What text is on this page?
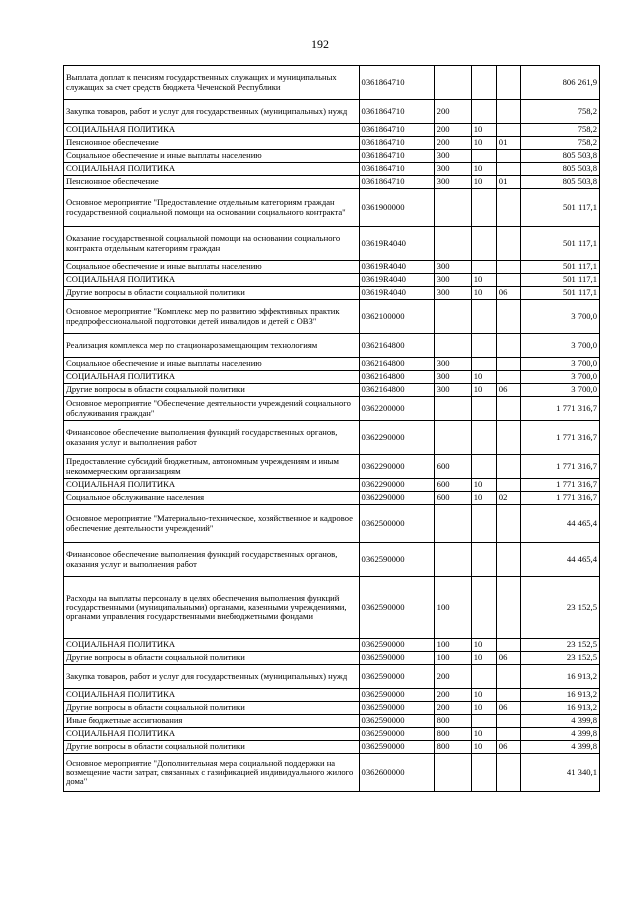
192
Выплата доплат к пенсиям государственных служащих и муниципальных служащих за счет средств бюджета Чеченской Республики	0361864710				806 261,9
Закупка товаров, работ и услуг для государственных (муниципальных) нужд	0361864710	200			758,2
СОЦИАЛЬНАЯ ПОЛИТИКА	0361864710	200	10		758,2
Пенсионное обеспечение	0361864710	200	10	01	758,2
Социальное обеспечение и иные выплаты населению	0361864710	300			805 503,8
СОЦИАЛЬНАЯ ПОЛИТИКА	0361864710	300	10		805 503,8
Пенсионное обеспечение	0361864710	300	10	01	805 503,8
Основное мероприятие "Предоставление отдельным категориям граждан государственной социальной помощи на основании социального контракта"	0361900000				501 117,1
Оказание государственной социальной помощи на основании социального контракта отдельным категориям граждан	03619R4040				501 117,1
Социальное обеспечение и иные выплаты населению	03619R4040	300			501 117,1
СОЦИАЛЬНАЯ ПОЛИТИКА	03619R4040	300	10		501 117,1
Другие вопросы в области социальной политики	03619R4040	300	10	06	501 117,1
Основное мероприятие "Комплекс мер по развитию эффективных практик предпрофессиональной подготовки детей инвалидов и детей с ОВЗ"	0362100000				3 700,0
Реализация комплекса мер по стационарозамещающим технологиям	0362164800				3 700,0
Социальное обеспечение и иные выплаты населению	0362164800	300			3 700,0
СОЦИАЛЬНАЯ ПОЛИТИКА	0362164800	300	10		3 700,0
Другие вопросы в области социальной политики	0362164800	300	10	06	3 700,0
Основное мероприятие "Обеспечение деятельности учреждений социального обслуживания граждан"	0362200000				1 771 316,7
Финансовое обеспечение выполнения функций государственных органов, оказания услуг и выполнения работ	0362290000				1 771 316,7
Предоставление субсидий бюджетным, автономным учреждениям и иным некоммерческим организациям	0362290000	600			1 771 316,7
СОЦИАЛЬНАЯ ПОЛИТИКА	0362290000	600	10		1 771 316,7
Социальное обслуживание населения	0362290000	600	10	02	1 771 316,7
Основное мероприятие "Материально-техническое, хозяйственное и кадровое обеспечение деятельности учреждений"	0362500000				44 465,4
Финансовое обеспечение выполнения функций государственных органов, оказания услуг и выполнения работ	0362590000				44 465,4
Расходы на выплаты персоналу в целях обеспечения выполнения функций государственными (муниципальными) органами, казенными учреждениями, органами управления государственными внебюджетными фондами	0362590000	100			23 152,5
СОЦИАЛЬНАЯ ПОЛИТИКА	0362590000	100	10		23 152,5
Другие вопросы в области социальной политики	0362590000	100	10	06	23 152,5
Закупка товаров, работ и услуг для государственных (муниципальных) нужд	0362590000	200			16 913,2
СОЦИАЛЬНАЯ ПОЛИТИКА	0362590000	200	10		16 913,2
Другие вопросы в области социальной политики	0362590000	200	10	06	16 913,2
Иные бюджетные ассигнования	0362590000	800			4 399,8
СОЦИАЛЬНАЯ ПОЛИТИКА	0362590000	800	10		4 399,8
Другие вопросы в области социальной политики	0362590000	800	10	06	4 399,8
Основное мероприятие "Дополнительная мера социальной поддержки на возмещение части затрат, связанных с газификацией индивидуального жилого дома"	0362600000				41 340,1
